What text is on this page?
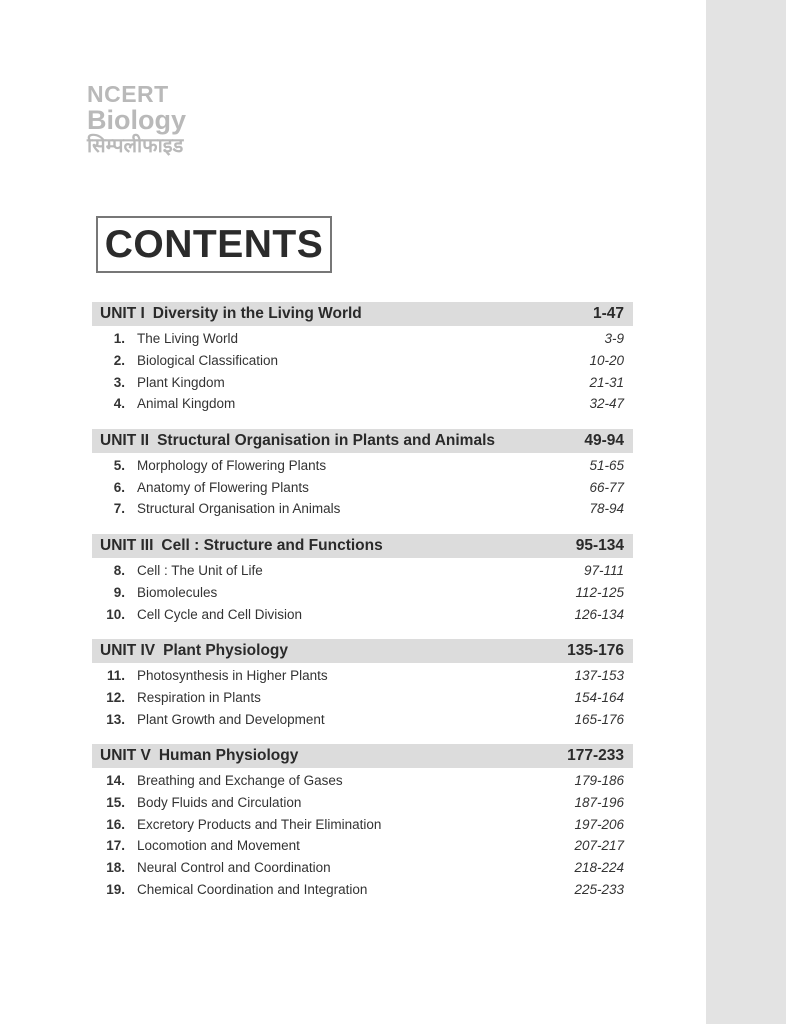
NCERT
Biology
सिम्पलीफाइड
CONTENTS
UNIT I Diversity in the Living World	1-47
1. The Living World	3-9
2. Biological Classification	10-20
3. Plant Kingdom	21-31
4. Animal Kingdom	32-47
UNIT II Structural Organisation in Plants and Animals	49-94
5. Morphology of Flowering Plants	51-65
6. Anatomy of Flowering Plants	66-77
7. Structural Organisation in Animals	78-94
UNIT III Cell : Structure and Functions	95-134
8. Cell : The Unit of Life	97-111
9. Biomolecules	112-125
10. Cell Cycle and Cell Division	126-134
UNIT IV Plant Physiology	135-176
11. Photosynthesis in Higher Plants	137-153
12. Respiration in Plants	154-164
13. Plant Growth and Development	165-176
UNIT V Human Physiology	177-233
14. Breathing and Exchange of Gases	179-186
15. Body Fluids and Circulation	187-196
16. Excretory Products and Their Elimination	197-206
17. Locomotion and Movement	207-217
18. Neural Control and Coordination	218-224
19. Chemical Coordination and Integration	225-233
